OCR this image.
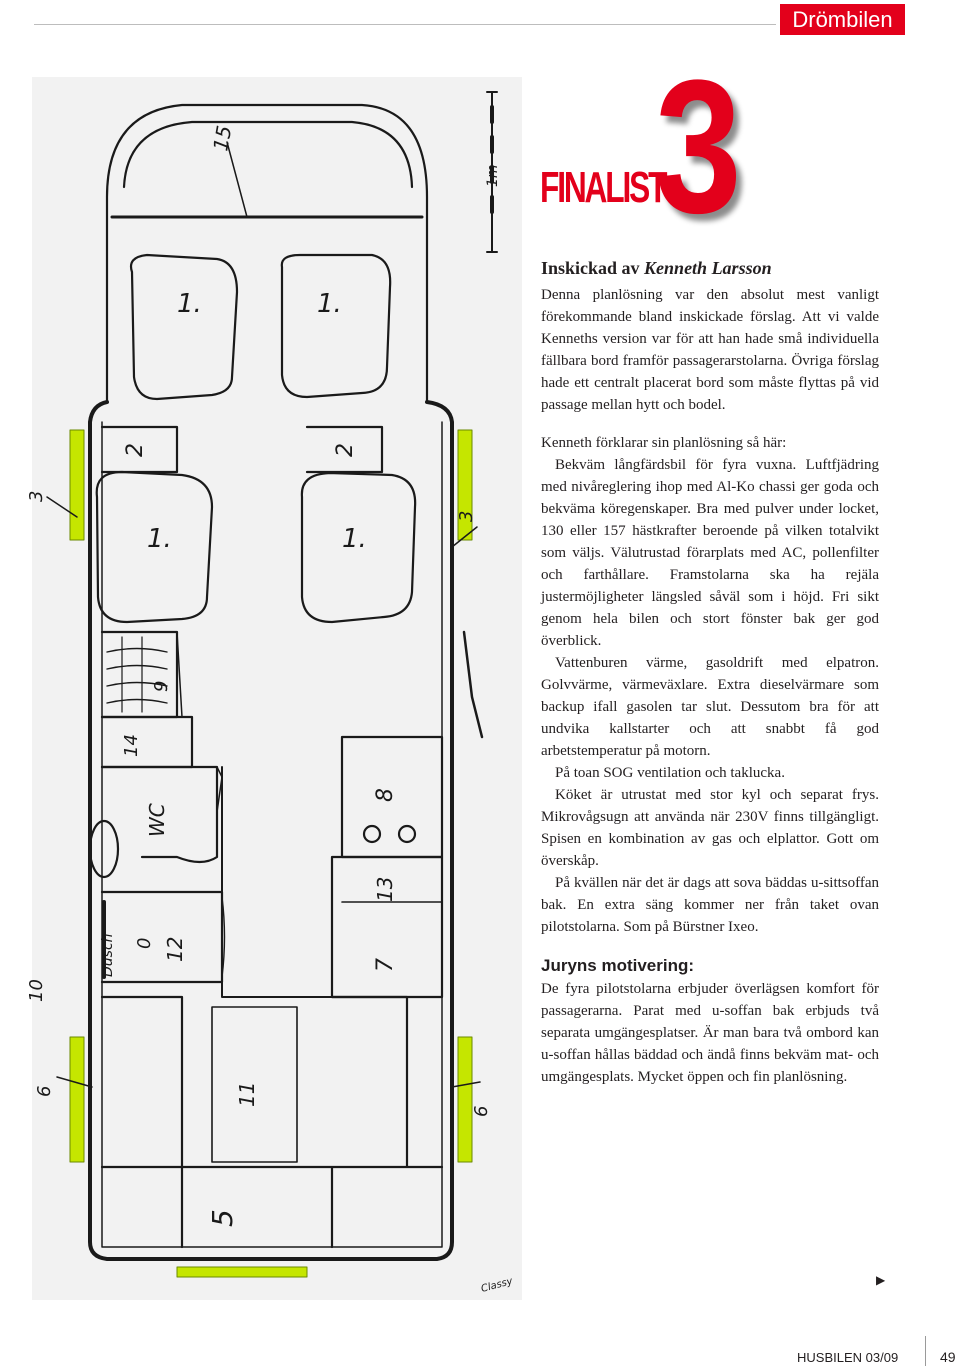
Drömbilen
1m
15
1.	1.
2	2
1.	1.
3
3
9
14
WC
8
13
Dusch 0 12
7
10
6
6
11
5
Classy
FINALIST
3
Inskickad av Kenneth Larsson

Denna planlösning var den absolut mest vanligt förekommande bland inskickade förslag. Att vi valde Kenneths version var för att han hade små individuella fällbara bord framför passagerarstolarna. Övriga förslag hade ett centralt placerat bord som måste flyttas på vid passage mellan hytt och bodel.

Kenneth förklarar sin planlösning så här:

Bekväm långfärdsbil för fyra vuxna. Luftfjädring med nivåreglering ihop med Al-Ko chassi ger goda och bekväma köregenskaper. Bra med pulver under locket, 130 eller 157 hästkrafter beroende på vilken totalvikt som väljs. Välutrustad förarplats med AC, pollenfilter och farthållare. Framstolarna ska ha rejäla justermöjligheter längsled såväl som i höjd. Fri sikt genom hela bilen och stort fönster bak ger god överblick.

Vattenburen värme, gasoldrift med elpatron. Golvvärme, värmeväxlare. Extra dieselvärmare som backup ifall gasolen tar slut. Dessutom bra för att undvika kallstarter och att snabbt få god arbetstemperatur på motorn.

På toan SOG ventilation och taklucka.

Köket är utrustat med stor kyl och separat frys. Mikrovågsugn att använda när 230V finns tillgängligt. Spisen en kombination av gas och elplattor. Gott om överskåp.

På kvällen när det är dags att sova bäddas u-sittsoffan bak. En extra säng kommer ner från taket ovan pilotstolarna. Som på Bürstner Ixeo.

Juryns motivering:

De fyra pilotstolarna erbjuder överlägsen komfort för passagerarna. Parat med u-soffan bak erbjuds två separata umgängesplatser. Är man bara två ombord kan u-soffan hållas bäddad och ändå finns bekväm mat- och umgängesplats. Mycket öppen och fin planlösning.

▶
HUSBILEN 03/09	49
